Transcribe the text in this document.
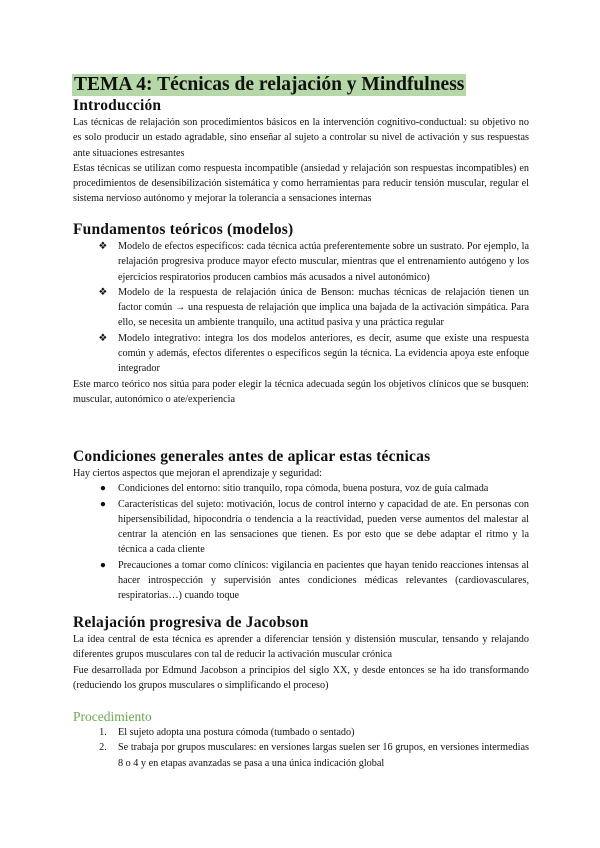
TEMA 4: Técnicas de relajación y Mindfulness
Introducción

Las técnicas de relajación son procedimientos básicos en la intervención cognitivo-conductual: su objetivo no es solo producir un estado agradable, sino enseñar al sujeto a controlar su nivel de activación y sus respuestas ante situaciones estresantes

Estas técnicas se utilizan como respuesta incompatible (ansiedad y relajación son respuestas incompatibles) en procedimientos de desensibilización sistemática y como herramientas para reducir tensión muscular, regular el sistema nervioso autónomo y mejorar la tolerancia a sensaciones internas

Fundamentos teóricos (modelos)
❖	Modelo de efectos específicos: cada técnica actúa preferentemente sobre un sustrato. Por ejemplo, la relajación progresiva produce mayor efecto muscular, mientras que el entrenamiento autógeno y los ejercicios respiratorios producen cambios más acusados a nivel autonómico)
❖	Modelo de la respuesta de relajación única de Benson: muchas técnicas de relajación tienen un factor común → una respuesta de relajación que implica una bajada de la activación simpática. Para ello, se necesita un ambiente tranquilo, una actitud pasiva y una práctica regular
❖	Modelo integrativo: integra los dos modelos anteriores, es decir, asume que existe una respuesta común y además, efectos diferentes o específicos según la técnica. La evidencia apoya este enfoque integrador

Este marco teórico nos sitúa para poder elegir la técnica adecuada según los objetivos clínicos que se busquen: muscular, autonómico o ate/experiencia

Condiciones generales antes de aplicar estas técnicas

Hay ciertos aspectos que mejoran el aprendizaje y seguridad:

●	Condiciones del entorno: sitio tranquilo, ropa cómoda, buena postura, voz de guía calmada
●	Características del sujeto: motivación, locus de control interno y capacidad de ate. En personas con hipersensibilidad, hipocondría o tendencia a la reactividad, pueden verse aumentos del malestar al centrar la atención en las sensaciones que tienen. Es por esto que se debe adaptar el ritmo y la técnica a cada cliente
●	Precauciones a tomar como clínicos: vigilancia en pacientes que hayan tenido reacciones intensas al hacer introspección y supervisión antes condiciones médicas relevantes (cardiovasculares, respiratorias…) cuando toque
Relajación progresiva de Jacobson

La idea central de esta técnica es aprender a diferenciar tensión y distensión muscular, tensando y relajando diferentes grupos musculares con tal de reducir la activación muscular crónica

Fue desarrollada por Edmund Jacobson a principios del siglo XX, y desde entonces se ha ido transformando (reduciendo los grupos musculares o simplificando el proceso)

Procedimiento
1.	El sujeto adopta una postura cómoda (tumbado o sentado)
2.	Se trabaja por grupos musculares: en versiones largas suelen ser 16 grupos, en versiones intermedias 8 o 4 y en etapas avanzadas se pasa a una única indicación global
